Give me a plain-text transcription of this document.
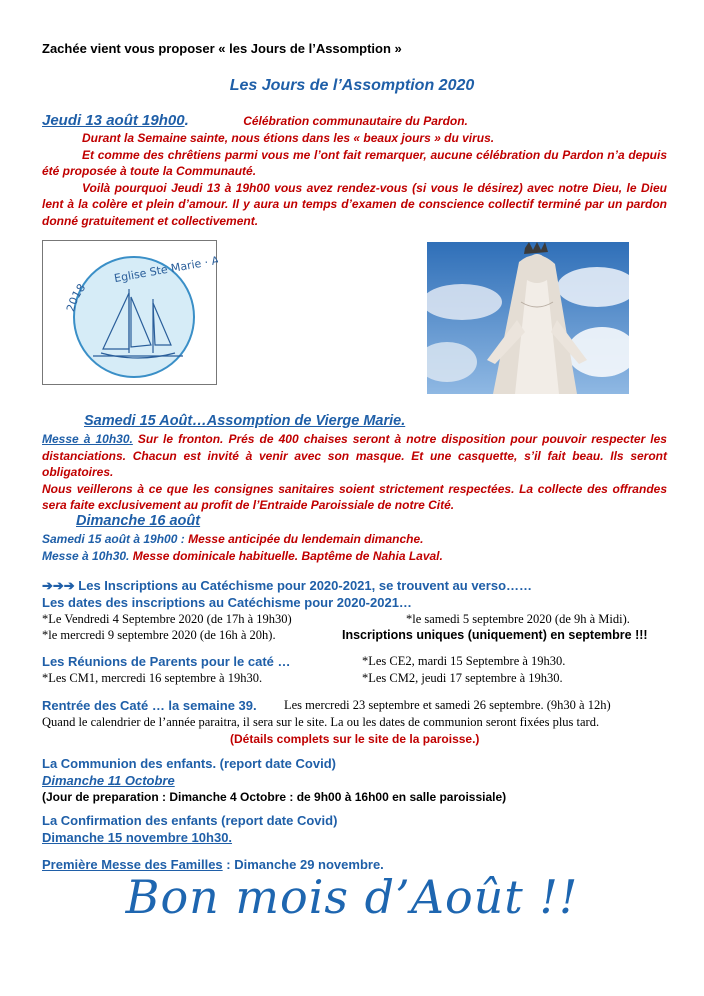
Zachée vient vous proposer « les Jours de l’Assomption »
Les Jours de l’Assomption 2020
Jeudi 13 août 19h00.	Célébration communautaire du Pardon.

Durant la Semaine sainte, nous étions dans les « beaux jours » du virus.

Et comme des chrêtiens parmi vous me l’ont fait remarquer, aucune célébration du Pardon n’a depuis été proposée à toute la Communauté.

Voilà pourquoi Jeudi 13 à 19h00 vous avez rendez-vous (si vous le désirez) avec notre Dieu, le Dieu lent à la colère et plein d’amour. Il y aura un temps d’examen de conscience collectif terminé par un pardon donné gratuitement et collectivement.

2018
Eglise Ste Marie · Anglet
Samedi 15 Août…Assomption de Vierge Marie.

Messe à 10h30. Sur le fronton. Prés de 400 chaises seront à notre disposition pour pouvoir respecter les distanciations. Chacun est invité à venir avec son masque. Et une casquette, s’il fait beau. Ils seront obligatoires.

Nous veillerons à ce que les consignes sanitaires soient strictement respectées. La collecte des offrandes sera faite exclusivement au profit de l’Entraide Paroissiale de notre Cité.

Dimanche 16 août

Samedi 15 août à 19h00 : Messe anticipée du lendemain dimanche.

Messe à 10h30. Messe dominicale habituelle. Baptême de Nahia Laval.

➔➔➔ Les Inscriptions au Catéchisme pour 2020-2021, se trouvent au verso……
Les dates des inscriptions au Catéchisme pour 2020-2021…
*Le Vendredi 4 Septembre 2020 (de 17h à 19h30)	*le samedi 5 septembre 2020 (de 9h à Midi).
*le mercredi 9 septembre 2020 (de 16h à 20h).	Inscriptions uniques (uniquement) en septembre !!!
Les Réunions de Parents pour le caté …	*Les CE2, mardi 15 Septembre à 19h30.
*Les CM1, mercredi 16 septembre à 19h30.	*Les CM2, jeudi 17 septembre à 19h30.
Rentrée des Caté … la semaine 39. Les mercredi 23 septembre et samedi 26 septembre. (9h30 à 12h)
Quand le calendrier de l’année paraitra, il sera sur le site. La ou les dates de communion seront fixées plus tard.
(Détails complets sur le site de la paroisse.)
La Communion des enfants. (report date Covid)
Dimanche 11 Octobre
(Jour de preparation : Dimanche 4 Octobre : de 9h00 à 16h00 en salle paroissiale)
La Confirmation des enfants (report date Covid)
Dimanche 15 novembre 10h30.
Première Messe des Familles : Dimanche 29 novembre.
Bon mois d’Août !!
